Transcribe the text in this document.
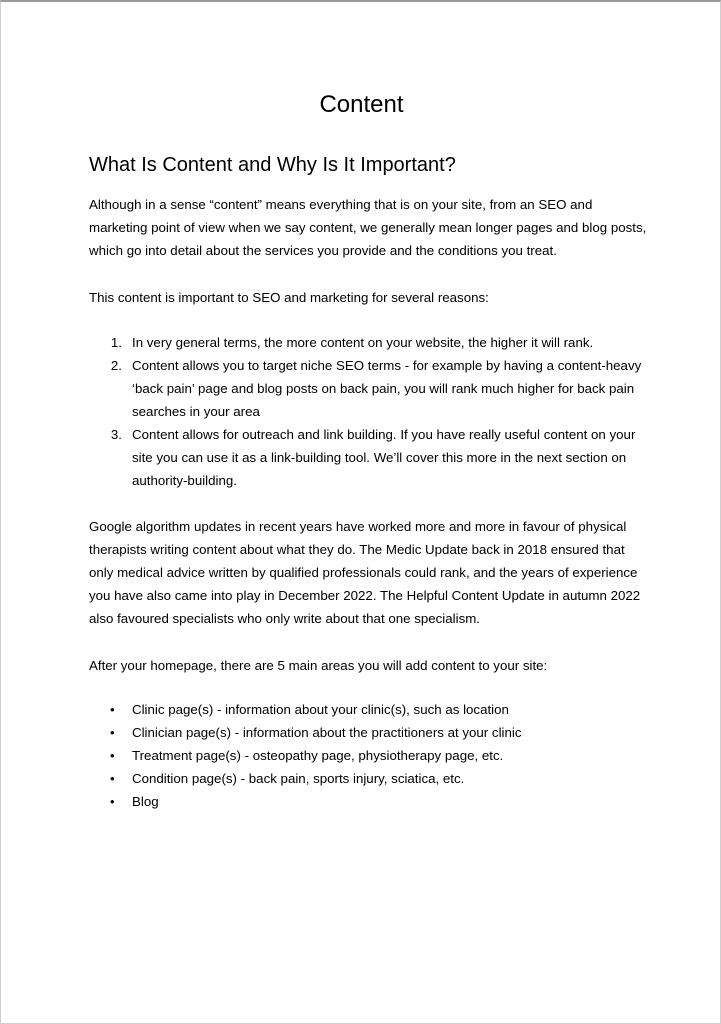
Content
What Is Content and Why Is It Important?

Although in a sense “content” means everything that is on your site, from an SEO and marketing point of view when we say content, we generally mean longer pages and blog posts, which go into detail about the services you provide and the conditions you treat.

This content is important to SEO and marketing for several reasons:

1. In very general terms, the more content on your website, the higher it will rank.
2. Content allows you to target niche SEO terms - for example by having a content-heavy ‘back pain’ page and blog posts on back pain, you will rank much higher for back pain searches in your area
3. Content allows for outreach and link building. If you have really useful content on your site you can use it as a link-building tool. We’ll cover this more in the next section on authority-building.

Google algorithm updates in recent years have worked more and more in favour of physical therapists writing content about what they do. The Medic Update back in 2018 ensured that only medical advice written by qualified professionals could rank, and the years of experience you have also came into play in December 2022. The Helpful Content Update in autumn 2022 also favoured specialists who only write about that one specialism.

After your homepage, there are 5 main areas you will add content to your site:

• Clinic page(s) - information about your clinic(s), such as location
• Clinician page(s) - information about the practitioners at your clinic
• Treatment page(s) - osteopathy page, physiotherapy page, etc.
• Condition page(s) - back pain, sports injury, sciatica, etc.
• Blog
